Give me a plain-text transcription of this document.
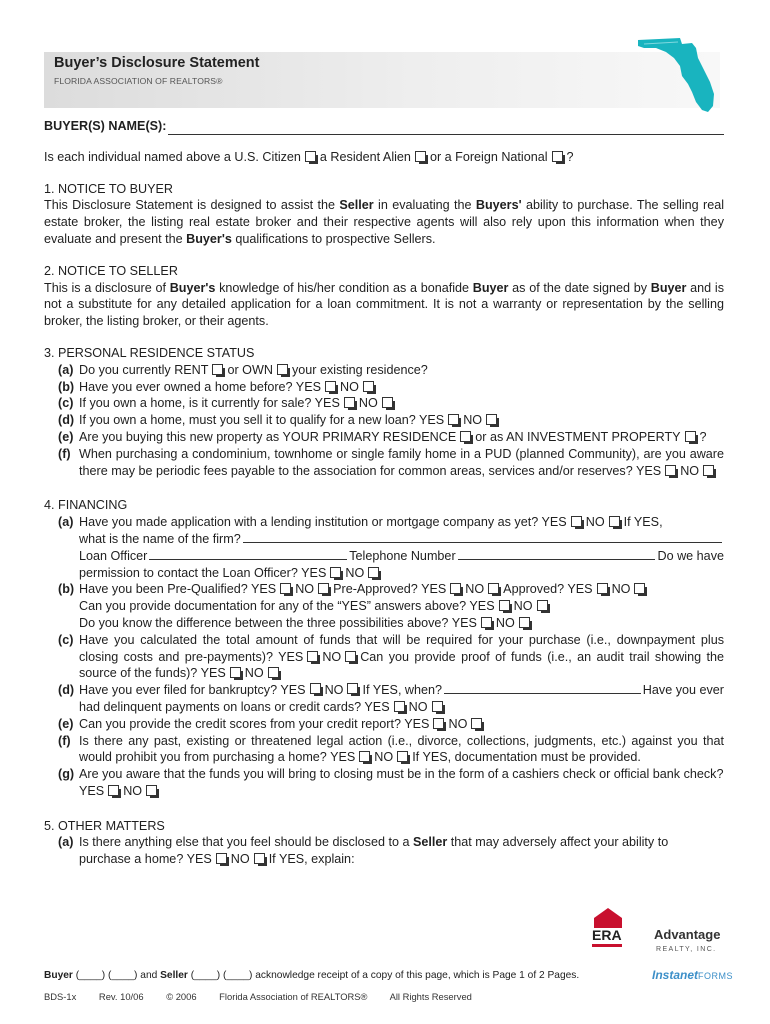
Buyer’s Disclosure Statement
FLORIDA ASSOCIATION OF REALTORS®
BUYER(S) NAME(S):
Is each individual named above a U.S. Citizen a Resident Alien or a Foreign National ?
1. NOTICE TO BUYER
This Disclosure Statement is designed to assist the Seller in evaluating the Buyers' ability to purchase. The selling real estate broker, the listing real estate broker and their respective agents will also rely upon this information when they evaluate and present the Buyer's qualifications to prospective Sellers.
2. NOTICE TO SELLER
This is a disclosure of Buyer's knowledge of his/her condition as a bonafide Buyer as of the date signed by Buyer and is not a substitute for any detailed application for a loan commitment. It is not a warranty or representation by the selling broker, the listing broker, or their agents.
3. PERSONAL RESIDENCE STATUS
(a) Do you currently RENT or OWN your existing residence?
(b) Have you ever owned a home before? YES NO
(c) If you own a home, is it currently for sale? YES NO
(d) If you own a home, must you sell it to qualify for a new loan? YES NO
(e) Are you buying this new property as YOUR PRIMARY RESIDENCE or as AN INVESTMENT PROPERTY ?
(f) When purchasing a condominium, townhome or single family home in a PUD (planned Community), are you aware there may be periodic fees payable to the association for common areas, services and/or reserves? YES NO
4. FINANCING
(a) Have you made application with a lending institution or mortgage company as yet? YES NO If YES,
what is the name of the firm?
Loan Officer	Telephone Number	Do we have
permission to contact the Loan Officer? YES NO
(b) Have you been Pre-Qualified? YES NO Pre-Approved? YES NO Approved? YES NO
Can you provide documentation for any of the “YES” answers above? YES NO
Do you know the difference between the three possibilities above? YES NO
(c) Have you calculated the total amount of funds that will be required for your purchase (i.e., downpayment plus closing costs and pre-payments)? YES NO Can you provide proof of funds (i.e., an audit trail showing the source of the funds)? YES NO
(d) Have you ever filed for bankruptcy? YES NO If YES, when?	Have you ever
had delinquent payments on loans or credit cards? YES NO
(e) Can you provide the credit scores from your credit report? YES NO
(f) Is there any past, existing or threatened legal action (i.e., divorce, collections, judgments, etc.) against you that would prohibit you from purchasing a home? YES NO If YES, documentation must be provided.
(g) Are you aware that the funds you will bring to closing must be in the form of a cashiers check or official bank check? YES NO
5. OTHER MATTERS
(a) Is there anything else that you feel should be disclosed to a Seller that may adversely affect your ability to purchase a home? YES NO If YES, explain:
ERA Advantage
REALTY, INC.
Buyer (____) (____) and Seller (____) (____) acknowledge receipt of a copy of this page, which is Page 1 of 2 Pages.	InstanetFORMS
BDS-1x Rev. 10/06 © 2006 Florida Association of REALTORS® All Rights Reserved
